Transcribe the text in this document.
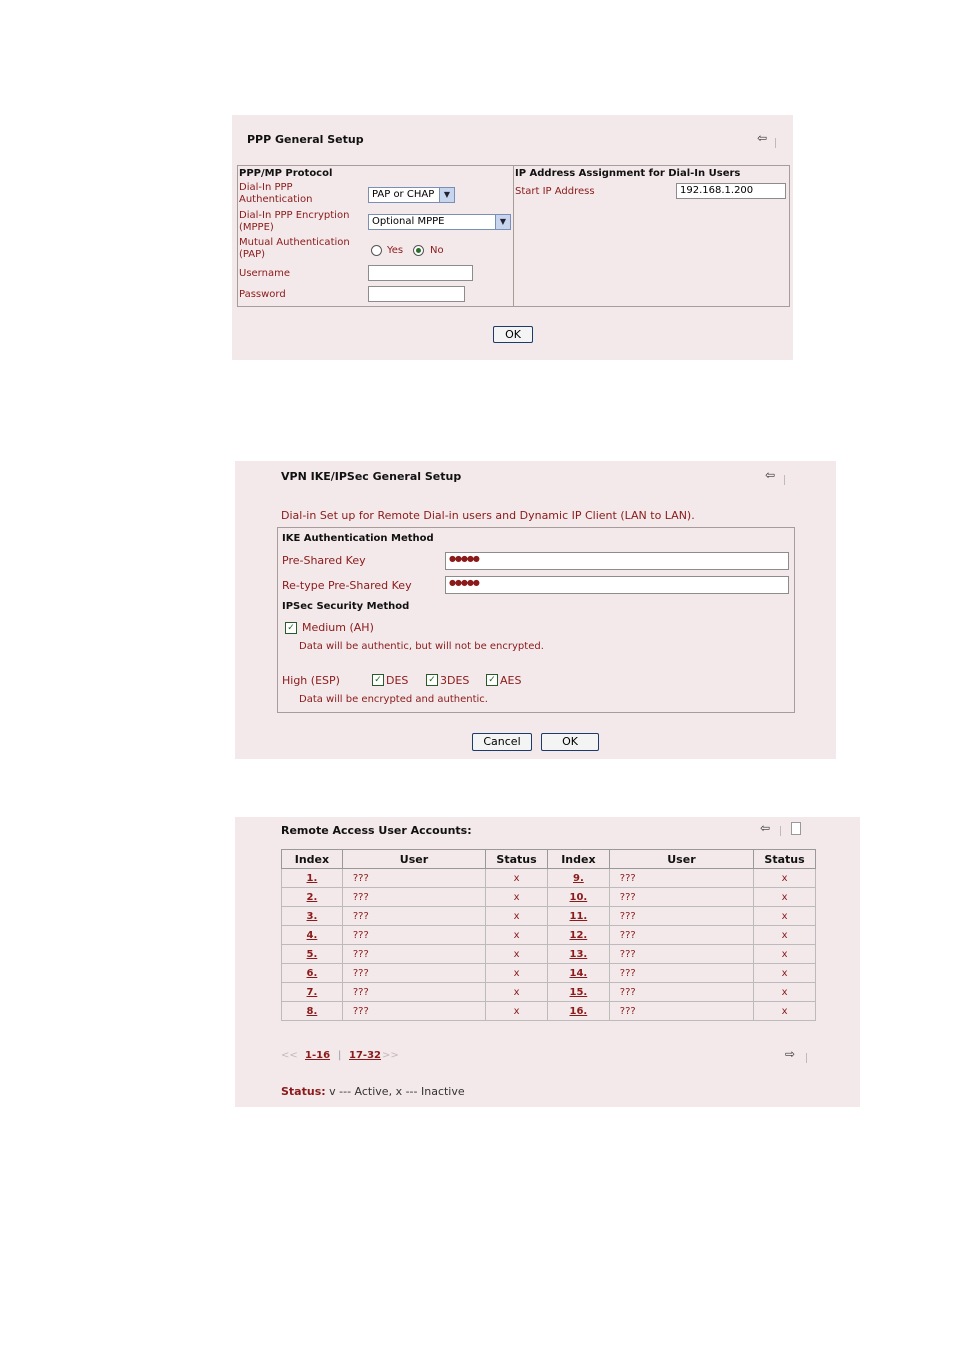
PPP General Setup	⇦
PPP/MP Protocol
Dial-In PPP
Authentication	PAP or CHAP	▼
Dial-In PPP Encryption
(MPPE)
Optional MPPE	▼
Mutual Authentication
(PAP)	Yes	No
Username
Password
IP Address Assignment for Dial-In Users
Start IP Address	192.168.1.200
OK
VPN IKE/IPSec General Setup	⇦
Dial-in Set up for Remote Dial-in users and Dynamic IP Client (LAN to LAN).
IKE Authentication Method
Pre-Shared Key	●●●●●
Re-type Pre-Shared Key	●●●●●
IPSec Security Method
✓ Medium (AH)
Data will be authentic, but will not be encrypted.
High (ESP)	✓ DES ✓ 3DES ✓ AES
Data will be encrypted and authentic.
Cancel	OK
Remote Access User Accounts:	⇦
Index	User	Status	Index	User	Status
1.	???	x	9.	???	x
2.	???	x	10.	???	x
3.	???	x	11.	???	x
4.	???	x	12.	???	x
5.	???	x	13.	???	x
6.	???	x	14.	???	x
7.	???	x	15.	???	x
8.	???	x	16.	???	x
<< 1-16 | 17-32 >>	⇨
Status: v --- Active, x --- Inactive
